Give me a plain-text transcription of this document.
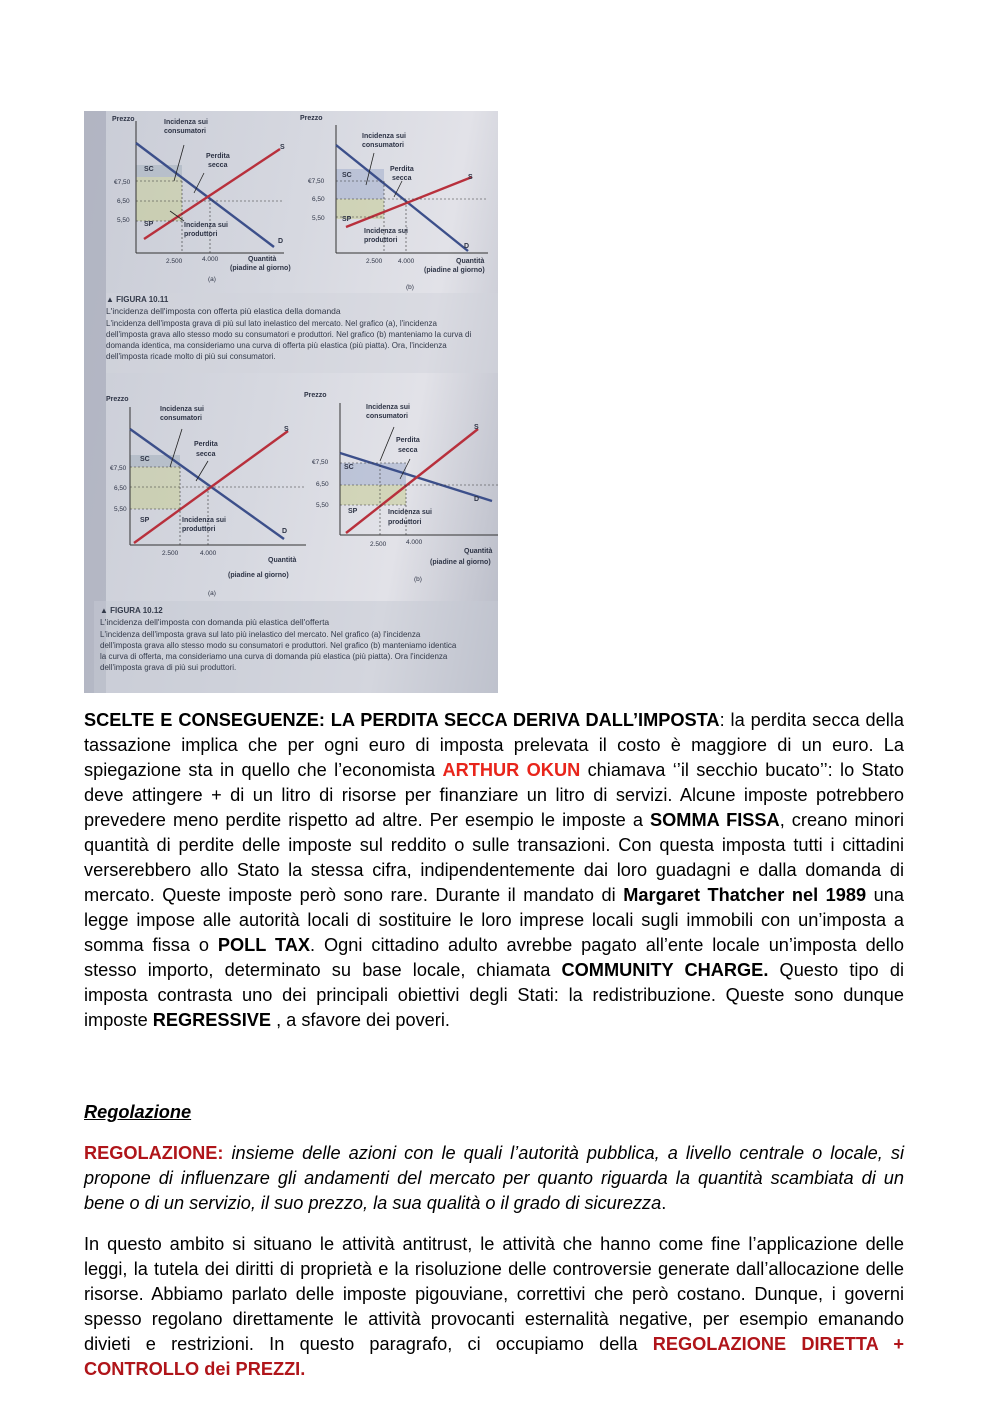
Prezzo	Incidenza sui
consumatori
Perdita
secca
SC
SP
S
D
€7,50
6,50
5,50
Incidenza sui
produttori
2.500	4.000	Quantità
(piadine al giorno)
(a)
Prezzo
Incidenza sui
consumatori
Perdita
secca
SC
SP
S
D
€7,50
6,50
5,50
Incidenza sui
produttori
2.500 4.000	Quantità
(piadine al giorno)
(b)
Prezzo
Incidenza sui
consumatori
Perdita
secca
SC
SP
S
D
€7,50
6,50
5,50
Incidenza sui
produttori
2.500	4.000
Quantità
(piadine al giorno)
(a)
Prezzo
Incidenza sui
consumatori
Perdita
secca
SC
SP
S
D
€7,50
6,50
5,50
Incidenza sui
produttori
2.500	4.000
Quantità
(piadine al giorno)
(b)
▲ FIGURA 10.11
L'incidenza dell'imposta con offerta più elastica della domanda
L'incidenza dell'imposta grava di più sul lato inelastico del mercato. Nel grafico (a), l'incidenza dell'imposta grava allo stesso modo su consumatori e produttori. Nel grafico (b) manteniamo la curva di domanda identica, ma consideriamo una curva di offerta più elastica (più piatta). Ora, l'incidenza dell'imposta ricade molto di più sui consumatori.
▲ FIGURA 10.12
L'incidenza dell'imposta con domanda più elastica dell'offerta
L'incidenza dell'imposta grava sul lato più inelastico del mercato. Nel grafico (a) l'incidenza dell'imposta grava allo stesso modo su consumatori e produttori. Nel grafico (b) manteniamo identica la curva di offerta, ma consideriamo una curva di domanda più elastica (più piatta). Ora l'incidenza dell'imposta grava di più sui produttori.
SCELTE E CONSEGUENZE: LA PERDITA SECCA DERIVA DALL’IMPOSTA: la perdita secca della tassazione implica che per ogni euro di imposta prelevata il costo è maggiore di un euro. La spiegazione sta in quello che l’economista ARTHUR OKUN chiamava ‘’il secchio bucato’’: lo Stato deve attingere + di un litro di risorse per finanziare un litro di servizi. Alcune imposte potrebbero prevedere meno perdite rispetto ad altre. Per esempio le imposte a SOMMA FISSA, creano minori quantità di perdite delle imposte sul reddito o sulle transazioni. Con questa imposta tutti i cittadini verserebbero allo Stato la stessa cifra, indipendentemente dai loro guadagni e dalla domanda di mercato. Queste imposte però sono rare. Durante il mandato di Margaret Thatcher nel 1989 una legge impose alle autorità locali di sostituire le loro imprese locali sugli immobili con un’imposta a somma fissa o POLL TAX. Ogni cittadino adulto avrebbe pagato all’ente locale un’imposta dello stesso importo, determinato su base locale, chiamata COMMUNITY CHARGE. Questo tipo di imposta contrasta uno dei principali obiettivi degli Stati: la redistribuzione. Queste sono dunque imposte REGRESSIVE , a sfavore dei poveri.
Regolazione
REGOLAZIONE: insieme delle azioni con le quali l’autorità pubblica, a livello centrale o locale, si propone di influenzare gli andamenti del mercato per quanto riguarda la quantità scambiata di un bene o di un servizio, il suo prezzo, la sua qualità o il grado di sicurezza.
In questo ambito si situano le attività antitrust, le attività che hanno come fine l’applicazione delle leggi, la tutela dei diritti di proprietà e la risoluzione delle controversie generate dall’allocazione delle risorse. Abbiamo parlato delle imposte pigouviane, correttivi che però costano. Dunque, i governi spesso regolano direttamente le attività provocanti esternalità negative, per esempio emanando divieti e restrizioni. In questo paragrafo, ci occupiamo della REGOLAZIONE DIRETTA + CONTROLLO dei PREZZI.
